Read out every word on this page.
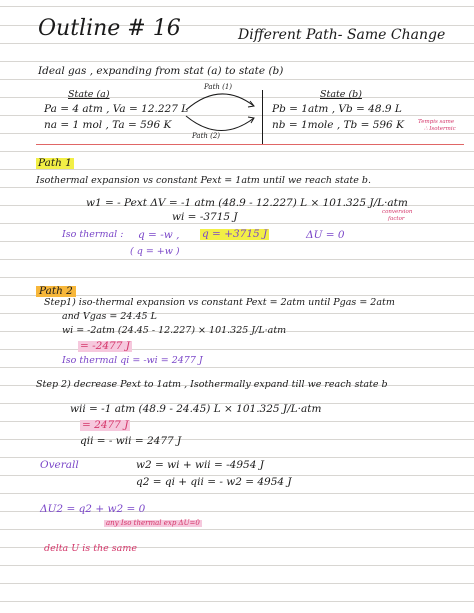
Outline # 16	Different Path- Same Change
Ideal gas , expanding from stat (a) to state (b)
State (a)
Pa = 4 atm , Va = 12.227 L
na = 1 mol , Ta = 596 K
Path (1)
Path (2)
State (b)
Pb = 1atm , Vb = 48.9 L
nb = 1mole , Tb = 596 K	Tempis same
∴ Isotermic
Path 1
Isothermal expansion vs constant Pext = 1atm until we reach state b.
w1 = - Pext ΔV = -1 atm (48.9 - 12.227) L × 101.325 J/L·atm
conversion
factor
wi = -3715 J
Iso thermal : q = -w , q = +3715 J
( q = +w )
ΔU = 0
Path 2
Step1) iso-thermal expansion vs constant Pext = 2atm until Pgas = 2atm
and Vgas = 24.45 L
wi = -2atm (24.45 - 12.227) × 101.325 J/L·atm
= -2477 J
Iso thermal qi = -wi = 2477 J
Step 2) decrease Pext to 1atm , Isothermally expand till we reach state b
wii = -1 atm (48.9 - 24.45) L × 101.325 J/L·atm
= 2477 J
qii = - wii = 2477 J
Overall	w2 = wi + wii = -4954 J
q2 = qi + qii = - w2 = 4954 J
ΔU2 = q2 + w2 = 0
any Iso thermal exp ΔU=0
delta U is the same
